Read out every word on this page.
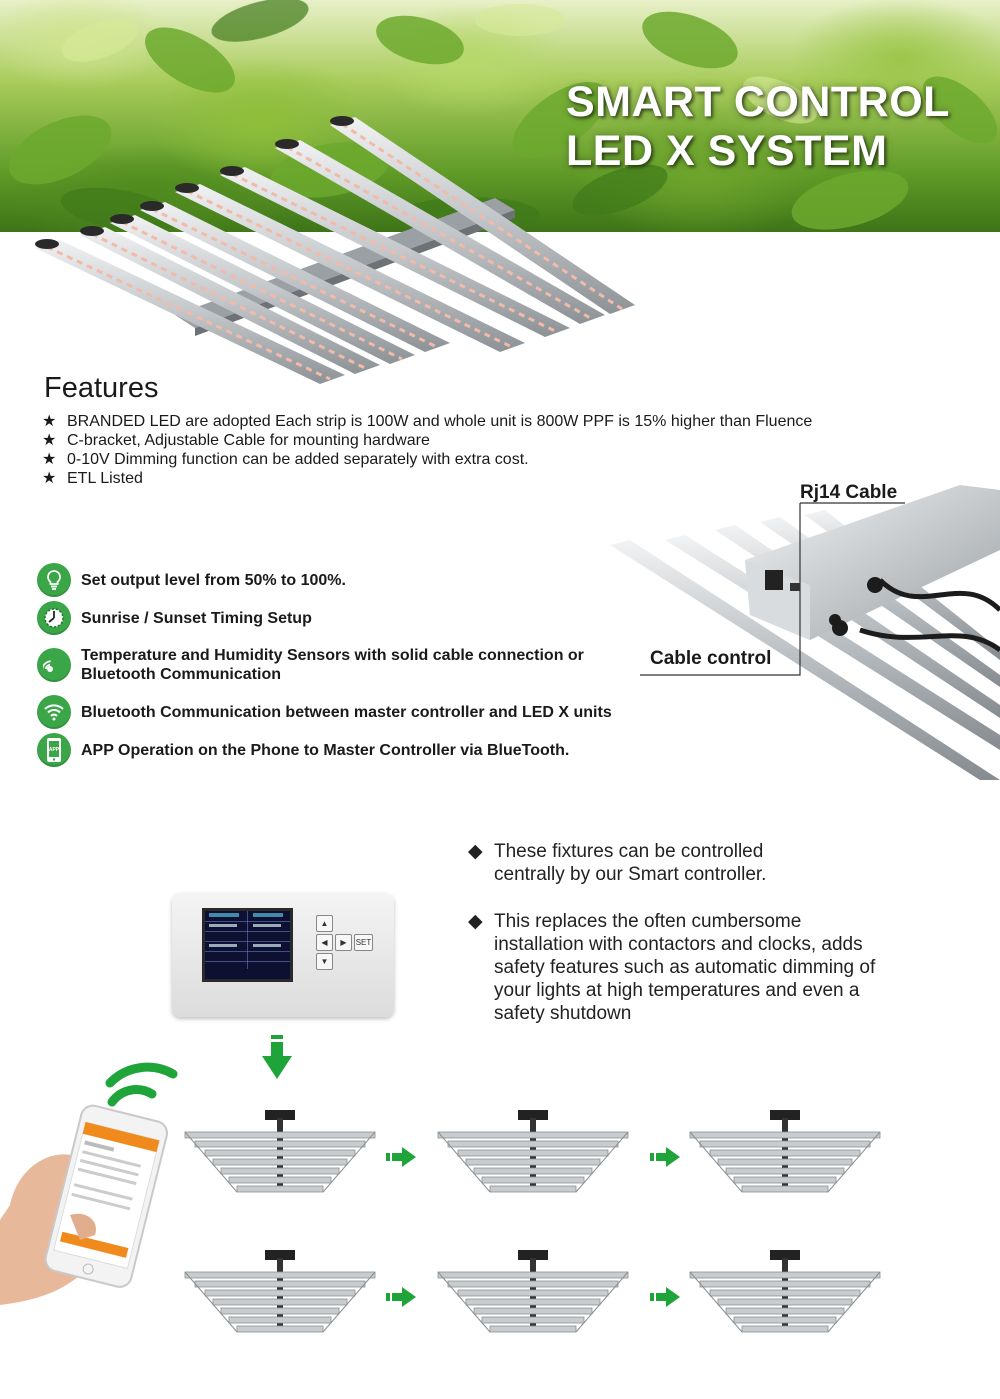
SMART CONTROL
LED X SYSTEM
Features
★ BRANDED LED are adopted Each strip is 100W and whole unit is 800W PPF is 15% higher than Fluence
★ C-bracket, Adjustable Cable for mounting hardware
★ 0-10V Dimming function can be added separately with extra cost.
★ ETL Listed
Set output level from 50% to 100%.
Sunrise / Sunset Timing Setup
Temperature and Humidity Sensors with solid cable connection or Bluetooth Communication
Bluetooth Communication between master controller and LED X units
APP APP Operation on the Phone to Master Controller via BlueTooth.
Rj14 Cable
Cable control
◆ These fixtures can be controlled
centrally by our Smart controller.
◆ This replaces the often cumbersome
installation with contactors and clocks, adds safety features such as automatic dimming of your lights at high temperatures and even a safety shutdown
▲
▼
◀	▶	SET
